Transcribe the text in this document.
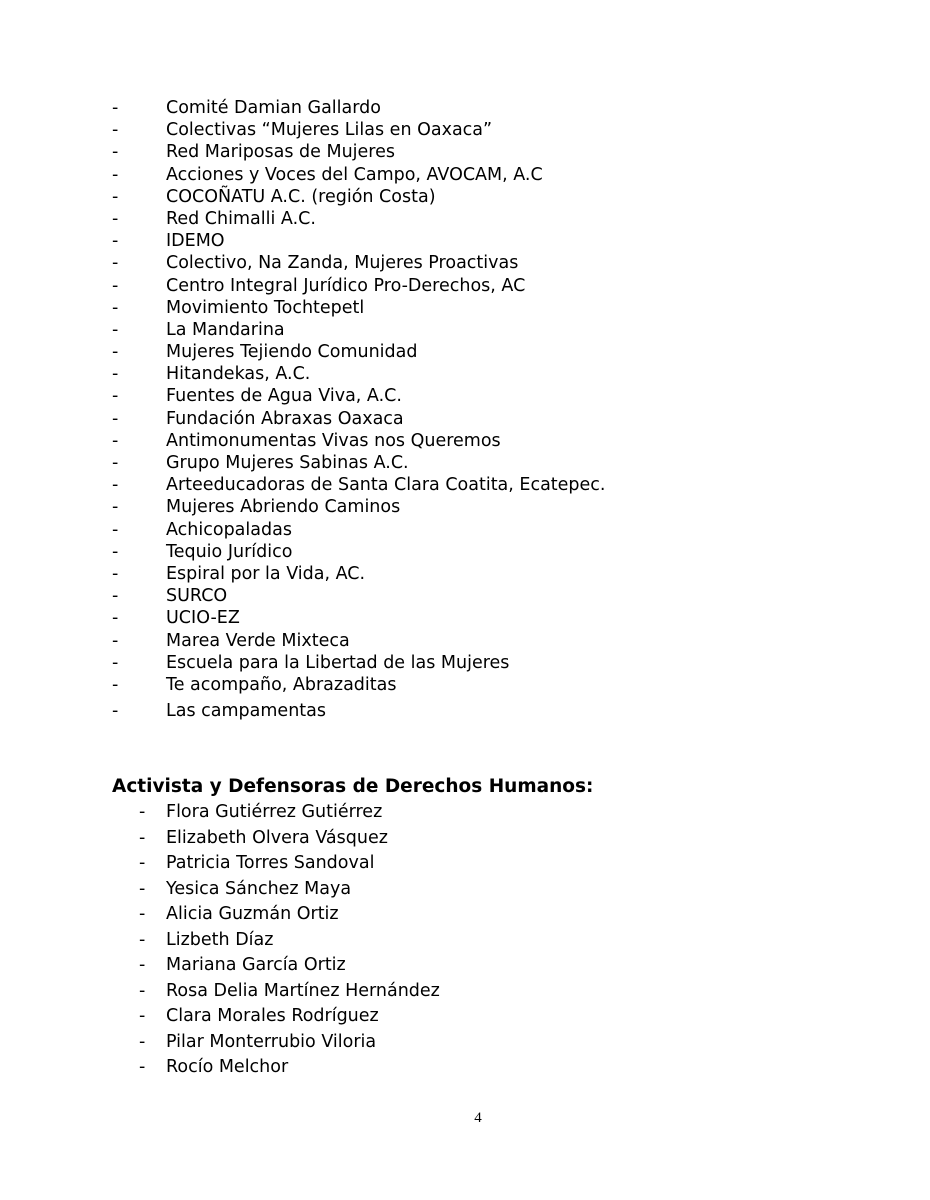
-	Comité Damian Gallardo
-	Colectivas “Mujeres Lilas en Oaxaca”
-	Red Mariposas de Mujeres
-	Acciones y Voces del Campo, AVOCAM, A.C
-	COCOÑATU A.C. (región Costa)
-	Red Chimalli A.C.
-	IDEMO
-	Colectivo, Na Zanda, Mujeres Proactivas
-	Centro Integral Jurídico Pro-Derechos, AC
-	Movimiento Tochtepetl
-	La Mandarina
-	Mujeres Tejiendo Comunidad
-	Hitandekas, A.C.
-	Fuentes de Agua Viva, A.C.
-	Fundación Abraxas Oaxaca
-	Antimonumentas Vivas nos Queremos
-	Grupo Mujeres Sabinas A.C.
-	Arteeducadoras de Santa Clara Coatita, Ecatepec.
-	Mujeres Abriendo Caminos
-	Achicopaladas
-	Tequio Jurídico
-	Espiral por la Vida, AC.
-	SURCO
-	UCIO-EZ
-	Marea Verde Mixteca
-	Escuela para la Libertad de las Mujeres
-	Te acompaño, Abrazaditas
-	Las campamentas
Activista y Defensoras de Derechos Humanos:
- Flora Gutiérrez Gutiérrez
- Elizabeth Olvera Vásquez
- Patricia Torres Sandoval
- Yesica Sánchez Maya
- Alicia Guzmán Ortiz
- Lizbeth Díaz
- Mariana García Ortiz
- Rosa Delia Martínez Hernández
- Clara Morales Rodríguez
- Pilar Monterrubio Viloria
- Rocío Melchor
4
